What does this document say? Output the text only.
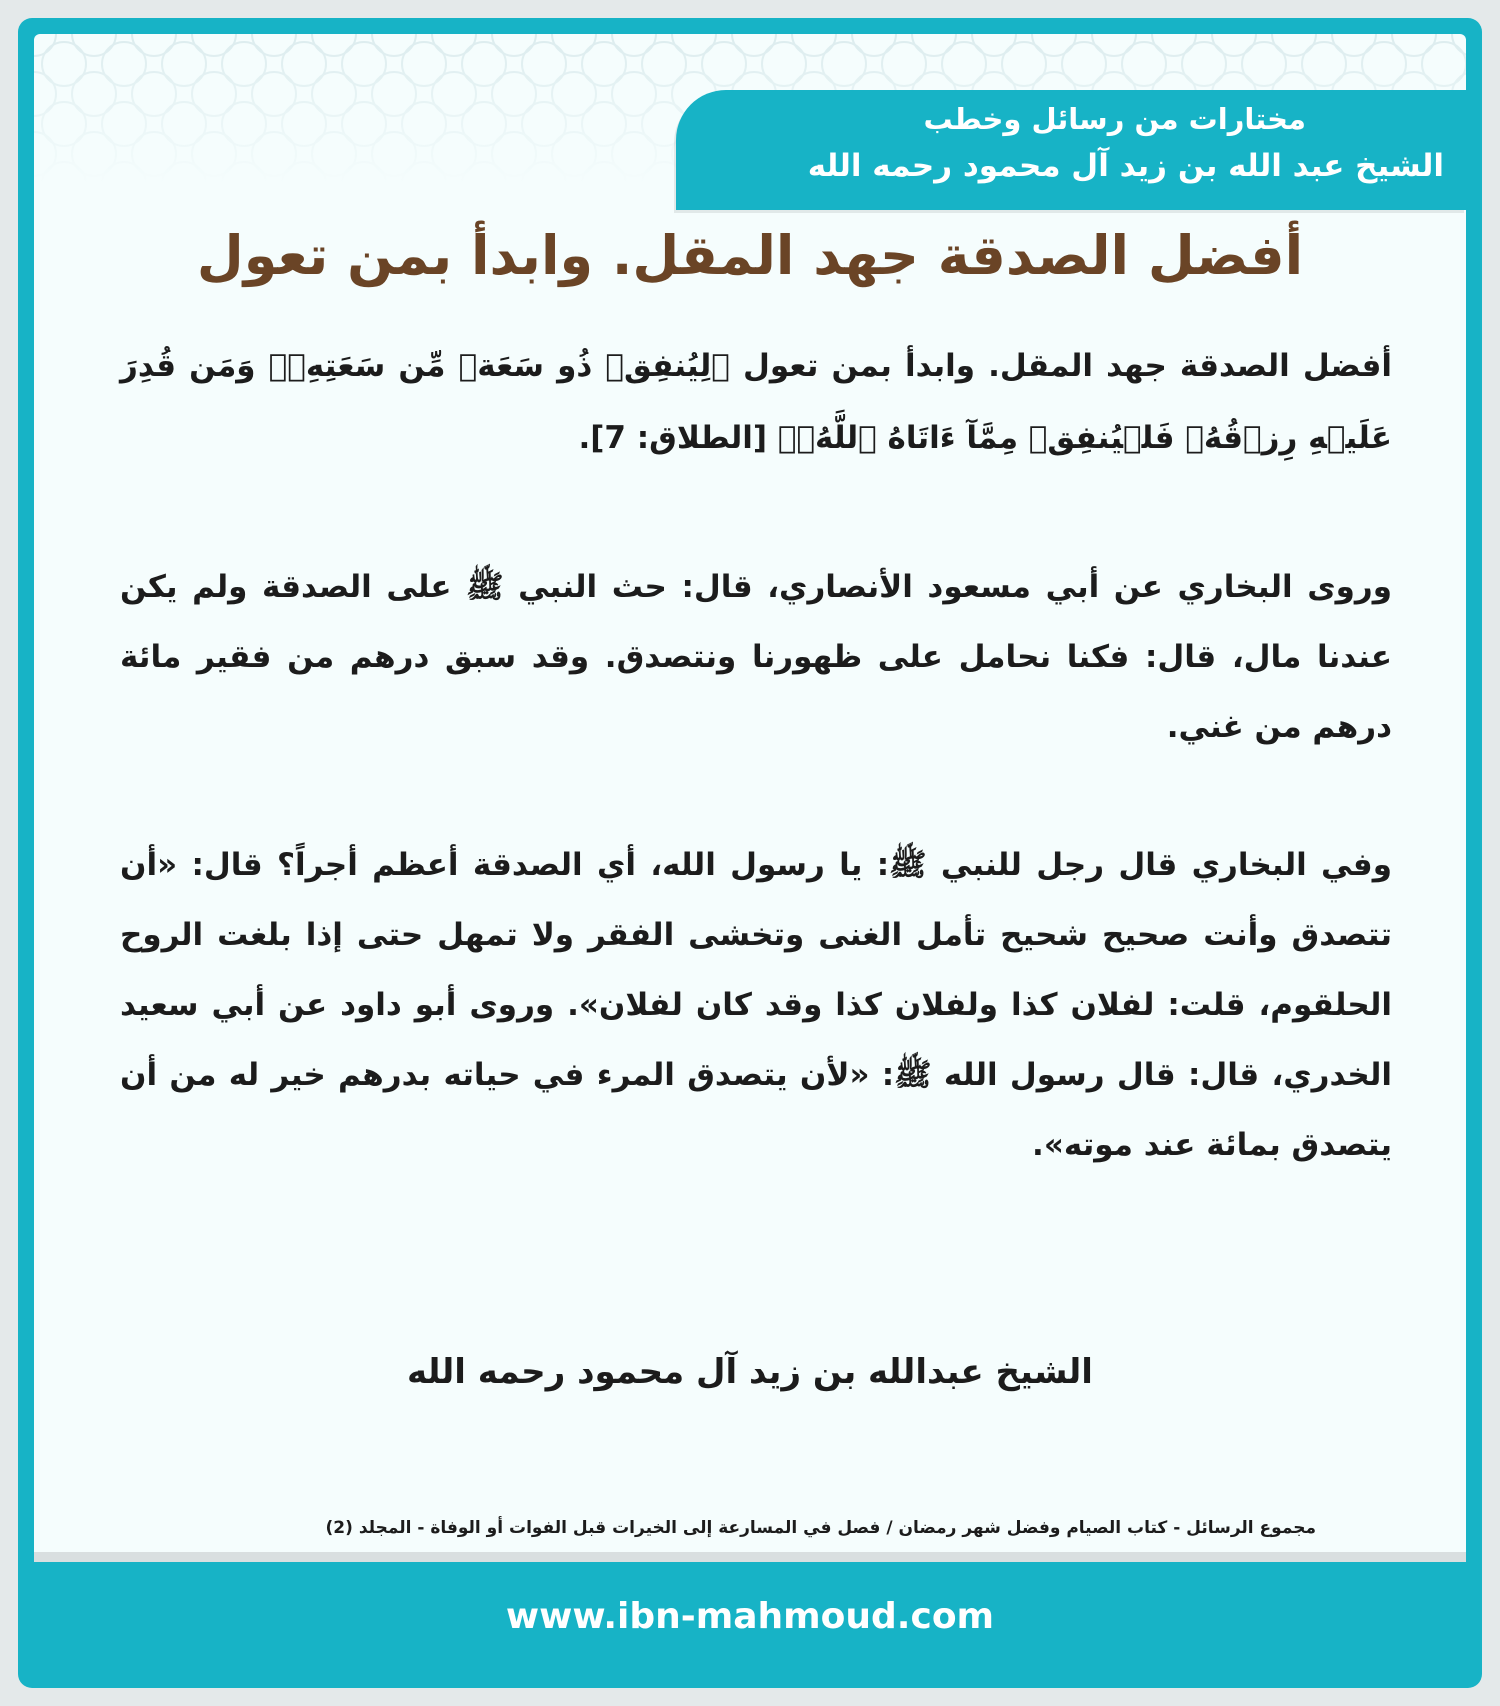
مختارات من رسائل وخطب
الشيخ عبد الله بن زيد آل محمود رحمه الله
أفضل الصدقة جهد المقل. وابدأ بمن تعول
أفضل الصدقة جهد المقل. وابدأ بمن تعول ﴿لِيُنفِقۡ ذُو سَعَةٖ مِّن سَعَتِهِۦۖ وَمَن قُدِرَ عَلَيۡهِ رِزۡقُهُۥ فَلۡيُنفِقۡ مِمَّآ ءَاتَاهُ ٱللَّهُۚ﴾ [الطلاق: 7].
وروى البخاري عن أبي مسعود الأنصاري، قال: حث النبي ﷺ على الصدقة ولم يكن عندنا مال، قال: فكنا نحامل على ظهورنا ونتصدق. وقد سبق درهم من فقير مائة درهم من غني.
وفي البخاري قال رجل للنبي ﷺ: يا رسول الله، أي الصدقة أعظم أجراً؟ قال: «أن تتصدق وأنت صحيح شحيح تأمل الغنى وتخشى الفقر ولا تمهل حتى إذا بلغت الروح الحلقوم، قلت: لفلان كذا ولفلان كذا وقد كان لفلان». وروى أبو داود عن أبي سعيد الخدري، قال: قال رسول الله ﷺ: «لأن يتصدق المرء في حياته بدرهم خير له من أن يتصدق بمائة عند موته».
الشيخ عبدالله بن زيد آل محمود رحمه الله
مجموع الرسائل - كتاب الصيام وفضل شهر رمضان / فصل في المسارعة إلى الخيرات قبل الفوات أو الوفاة - المجلد (2)
www.ibn-mahmoud.com
